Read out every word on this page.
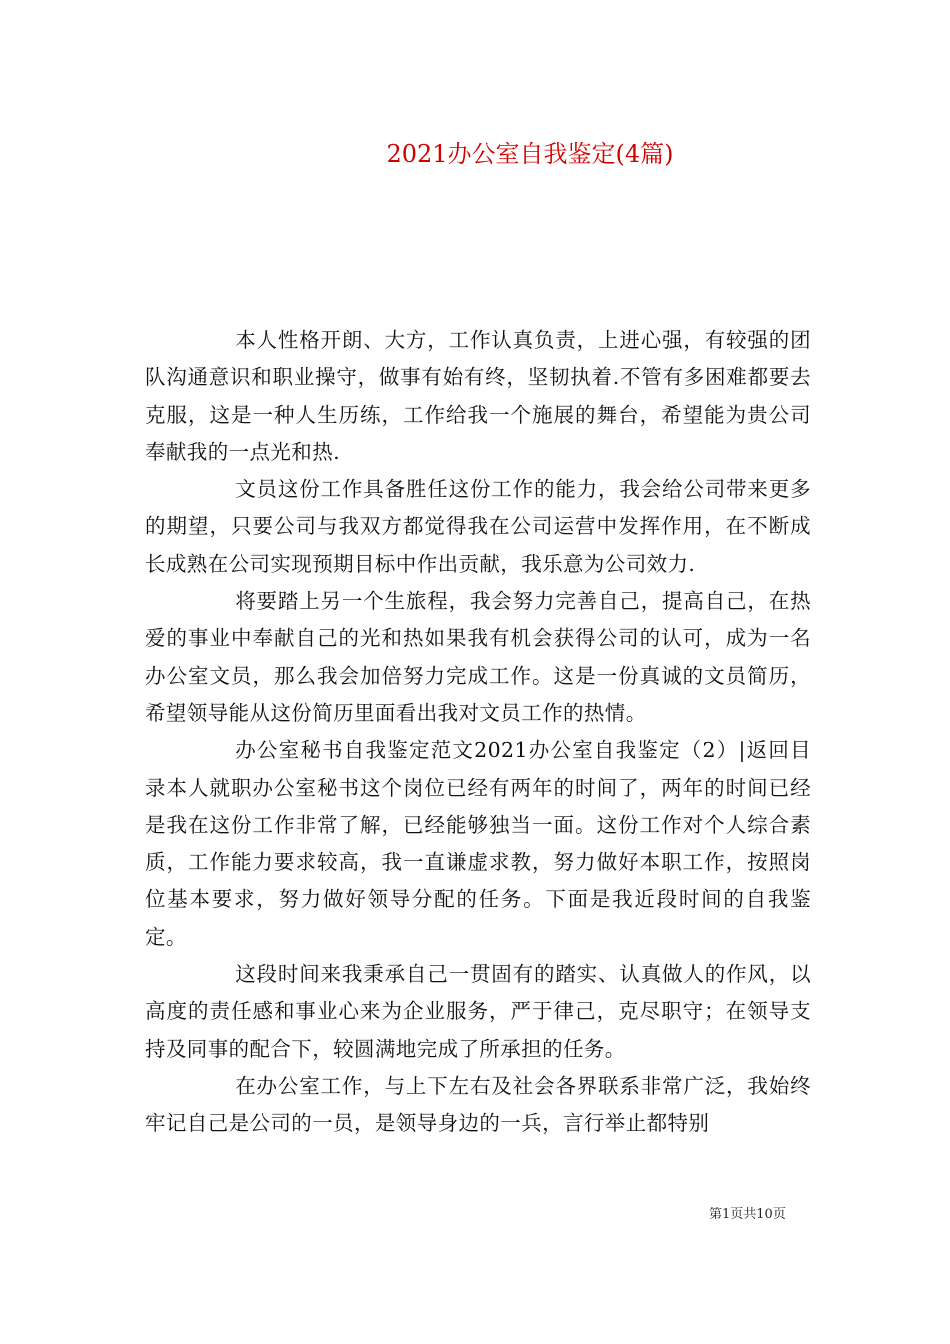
2021办公室自我鉴定(4篇)

本人性格开朗、大方，工作认真负责，上进心强，有较强的团队沟通意识和职业操守，做事有始有终，坚韧执着.不管有多困难都要去克服，这是一种人生历练，工作给我一个施展的舞台，希望能为贵公司奉献我的一点光和热.

文员这份工作具备胜任这份工作的能力，我会给公司带来更多的期望，只要公司与我双方都觉得我在公司运营中发挥作用，在不断成长成熟在公司实现预期目标中作出贡献，我乐意为公司效力.

将要踏上另一个生旅程，我会努力完善自己，提高自己，在热爱的事业中奉献自己的光和热如果我有机会获得公司的认可，成为一名办公室文员，那么我会加倍努力完成工作。这是一份真诚的文员简历，希望领导能从这份简历里面看出我对文员工作的热情。

办公室秘书自我鉴定范文2021办公室自我鉴定（2）|返回目录本人就职办公室秘书这个岗位已经有两年的时间了，两年的时间已经是我在这份工作非常了解，已经能够独当一面。这份工作对个人综合素质，工作能力要求较高，我一直谦虚求教，努力做好本职工作，按照岗位基本要求，努力做好领导分配的任务。下面是我近段时间的自我鉴定。

这段时间来我秉承自己一贯固有的踏实、认真做人的作风，以高度的责任感和事业心来为企业服务，严于律己，克尽职守；在领导支持及同事的配合下，较圆满地完成了所承担的任务。

在办公室工作，与上下左右及社会各界联系非常广泛，我始终牢记自己是公司的一员，是领导身边的一兵，言行举止都特别

第1页共10页
